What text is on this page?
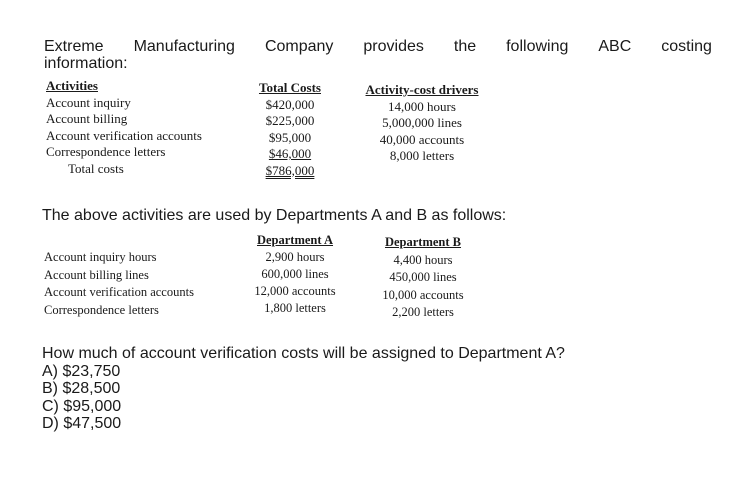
Extreme Manufacturing Company provides the following ABC costing
information:
Activities
Account inquiry
Account billing
Account verification accounts
Correspondence letters
Total costs
Total Costs
$420,000
$225,000
$95,000
$46,000
$786,000
Activity-cost drivers
14,000 hours
5,000,000 lines
40,000 accounts
8,000 letters
The above activities are used by Departments A and B as follows:
Account inquiry hours
Account billing lines
Account verification accounts
Correspondence letters
Department A
2,900 hours
600,000 lines
12,000 accounts
1,800 letters
Department B
4,400 hours
450,000 lines
10,000 accounts
2,200 letters
How much of account verification costs will be assigned to Department A?
A) $23,750
B) $28,500
C) $95,000
D) $47,500
